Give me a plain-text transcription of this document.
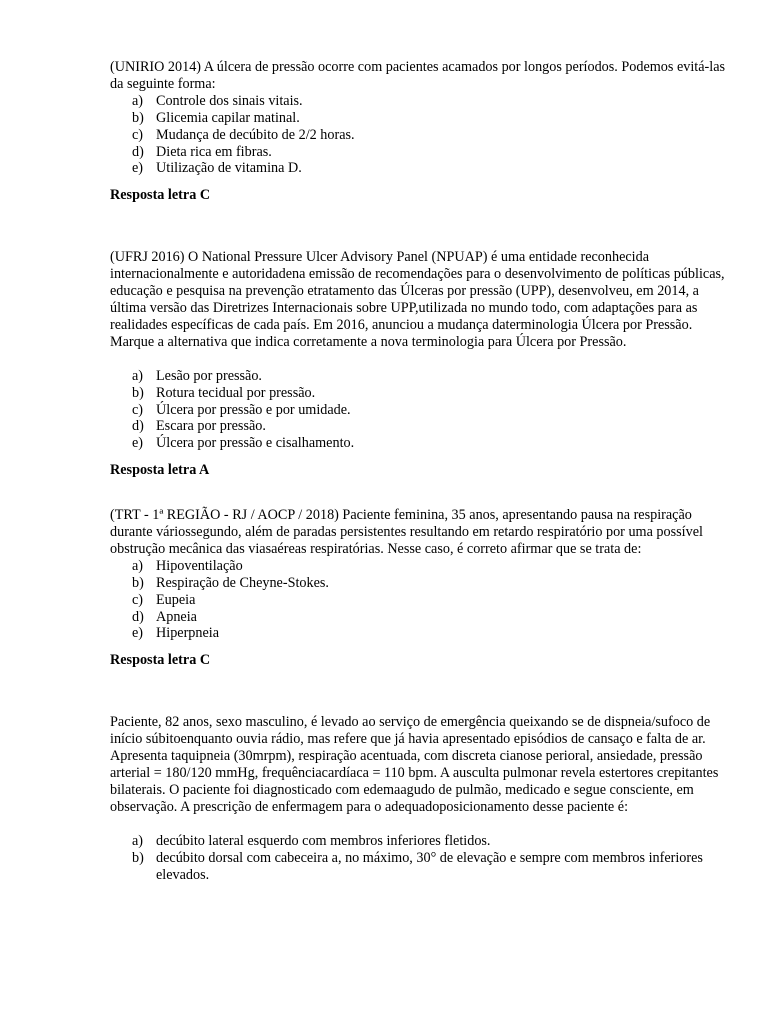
(UNIRIO 2014) A úlcera de pressão ocorre com pacientes acamados por longos períodos. Podemos evitá-las da seguinte forma:

a) Controle dos sinais vitais.
b) Glicemia capilar matinal.
c) Mudança de decúbito de 2/2 horas.
d) Dieta rica em fibras.
e) Utilização de vitamina D.

Resposta letra C

(UFRJ 2016) O National Pressure Ulcer Advisory Panel (NPUAP) é uma entidade reconhecida internacionalmente e autoridadena emissão de recomendações para o desenvolvimento de políticas públicas, educação e pesquisa na prevenção etratamento das Úlceras por pressão (UPP), desenvolveu, em 2014, a última versão das Diretrizes Internacionais sobre UPP,utilizada no mundo todo, com adaptações para as realidades específicas de cada país. Em 2016, anunciou a mudança daterminologia Úlcera por Pressão. Marque a alternativa que indica corretamente a nova terminologia para Úlcera por Pressão.

a) Lesão por pressão.
b) Rotura tecidual por pressão.
c) Úlcera por pressão e por umidade.
d) Escara por pressão.
e) Úlcera por pressão e cisalhamento.

Resposta letra A

(TRT - 1ª REGIÃO - RJ / AOCP / 2018) Paciente feminina, 35 anos, apresentando pausa na respiração durante váriossegundo, além de paradas persistentes resultando em retardo respiratório por uma possível obstrução mecânica das viasaéreas respiratórias. Nesse caso, é correto afirmar que se trata de:

a) Hipoventilação
b) Respiração de Cheyne-Stokes.
c) Eupeia
d) Apneia
e) Hiperpneia

Resposta letra C

Paciente, 82 anos, sexo masculino, é levado ao serviço de emergência queixando se de dispneia/sufoco de início súbitoenquanto ouvia rádio, mas refere que já havia apresentado episódios de cansaço e falta de ar. Apresenta taquipneia (30mrpm), respiração acentuada, com discreta cianose perioral, ansiedade, pressão arterial = 180/120 mmHg, frequênciacardíaca = 110 bpm. A ausculta pulmonar revela estertores crepitantes bilaterais. O paciente foi diagnosticado com edemaagudo de pulmão, medicado e segue consciente, em observação. A prescrição de enfermagem para o adequadoposicionamento desse paciente é:

a) decúbito lateral esquerdo com membros inferiores fletidos.
b) decúbito dorsal com cabeceira a, no máximo, 30° de elevação e sempre com membros inferiores elevados.
